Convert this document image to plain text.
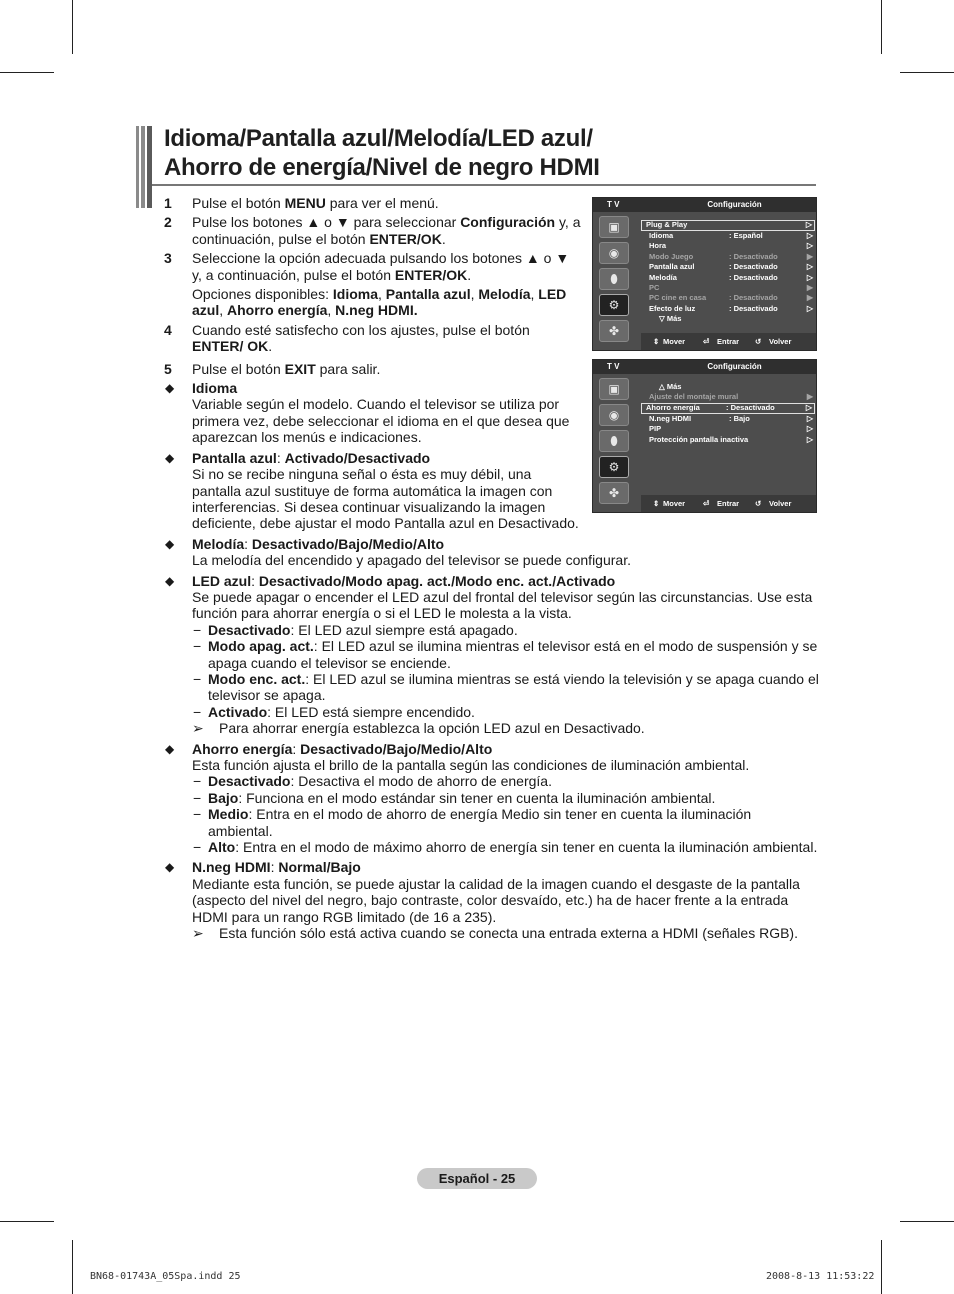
Idioma/Pantalla azul/Melodía/LED azul/
Ahorro de energía/Nivel de negro HDMI
1 Pulse el botón MENU para ver el menú.
2 Pulse los botones ▲ o ▼ para seleccionar Configuración y, a continuación, pulse el botón ENTER/OK.
3 Seleccione la opción adecuada pulsando los botones ▲ o ▼ y, a continuación, pulse el botón ENTER/OK.
Opciones disponibles: Idioma, Pantalla azul, Melodía, LED azul, Ahorro energía, N.neg HDMI.
4 Cuando esté satisfecho con los ajustes, pulse el botón ENTER/ OK.
5 Pulse el botón EXIT para salir.
◆ Idioma
Variable según el modelo. Cuando el televisor se utiliza por primera vez, debe seleccionar el idioma en el que desea que aparezcan los menús e indicaciones.
◆ Pantalla azul: Activado/Desactivado
Si no se recibe ninguna señal o ésta es muy débil, una pantalla azul sustituye de forma automática la imagen con interferencias. Si desea continuar visualizando la imagen deficiente, debe ajustar el modo Pantalla azul en Desactivado.
◆ Melodía: Desactivado/Bajo/Medio/Alto
La melodía del encendido y apagado del televisor se puede configurar.
◆ LED azul: Desactivado/Modo apag. act./Modo enc. act./Activado
Se puede apagar o encender el LED azul del frontal del televisor según las circunstancias. Use esta función para ahorrar energía o si el LED le molesta a la vista.
− Desactivado: El LED azul siempre está apagado.
− Modo apag. act.: El LED azul se ilumina mientras el televisor está en el modo de suspensión y se apaga cuando el televisor se enciende.
− Modo enc. act.: El LED azul se ilumina mientras se está viendo la televisión y se apaga cuando el televisor se apaga.
− Activado: El LED está siempre encendido.
➢ Para ahorrar energía establezca la opción LED azul en Desactivado.
◆ Ahorro energía: Desactivado/Bajo/Medio/Alto
Esta función ajusta el brillo de la pantalla según las condiciones de iluminación ambiental.
− Desactivado: Desactiva el modo de ahorro de energía.
− Bajo: Funciona en el modo estándar sin tener en cuenta la iluminación ambiental.
− Medio: Entra en el modo de ahorro de energía Medio sin tener en cuenta la iluminación ambiental.
− Alto: Entra en el modo de máximo ahorro de energía sin tener en cuenta la iluminación ambiental.
◆ N.neg HDMI: Normal/Bajo
Mediante esta función, se puede ajustar la calidad de la imagen cuando el desgaste de la pantalla (aspecto del nivel del negro, bajo contraste, color desvaído, etc.) ha de hacer frente a la entrada HDMI para un rango RGB limitado (de 16 a 235).
➢ Esta función sólo está activa cuando se conecta una entrada externa a HDMI (señales RGB).
T V	Configuración
▣
◉
⬮
⚙
✤
Plug & Play	▷
Idioma	: Español	▷
Hora	▷
Modo Juego	: Desactivado	▶
Pantalla azul	: Desactivado	▷
Melodía	: Desactivado	▷
PC	▶
PC cine en casa	: Desactivado	▶
Efecto de luz	: Desactivado	▷
▽ Más
⇕ Mover ⏎ Entrar ↺ Volver
T V	Configuración
▣
◉
⬮
⚙
✤
△ Más
Ajuste del montaje mural	▶
Ahorro energía	: Desactivado	▷
N.neg HDMI	: Bajo	▷
PIP	▷
Protección pantalla inactiva	▷
⇕ Mover ⏎ Entrar ↺ Volver
Español - 25
BN68-01743A_05Spa.indd 25	2008-8-13 11:53:22
